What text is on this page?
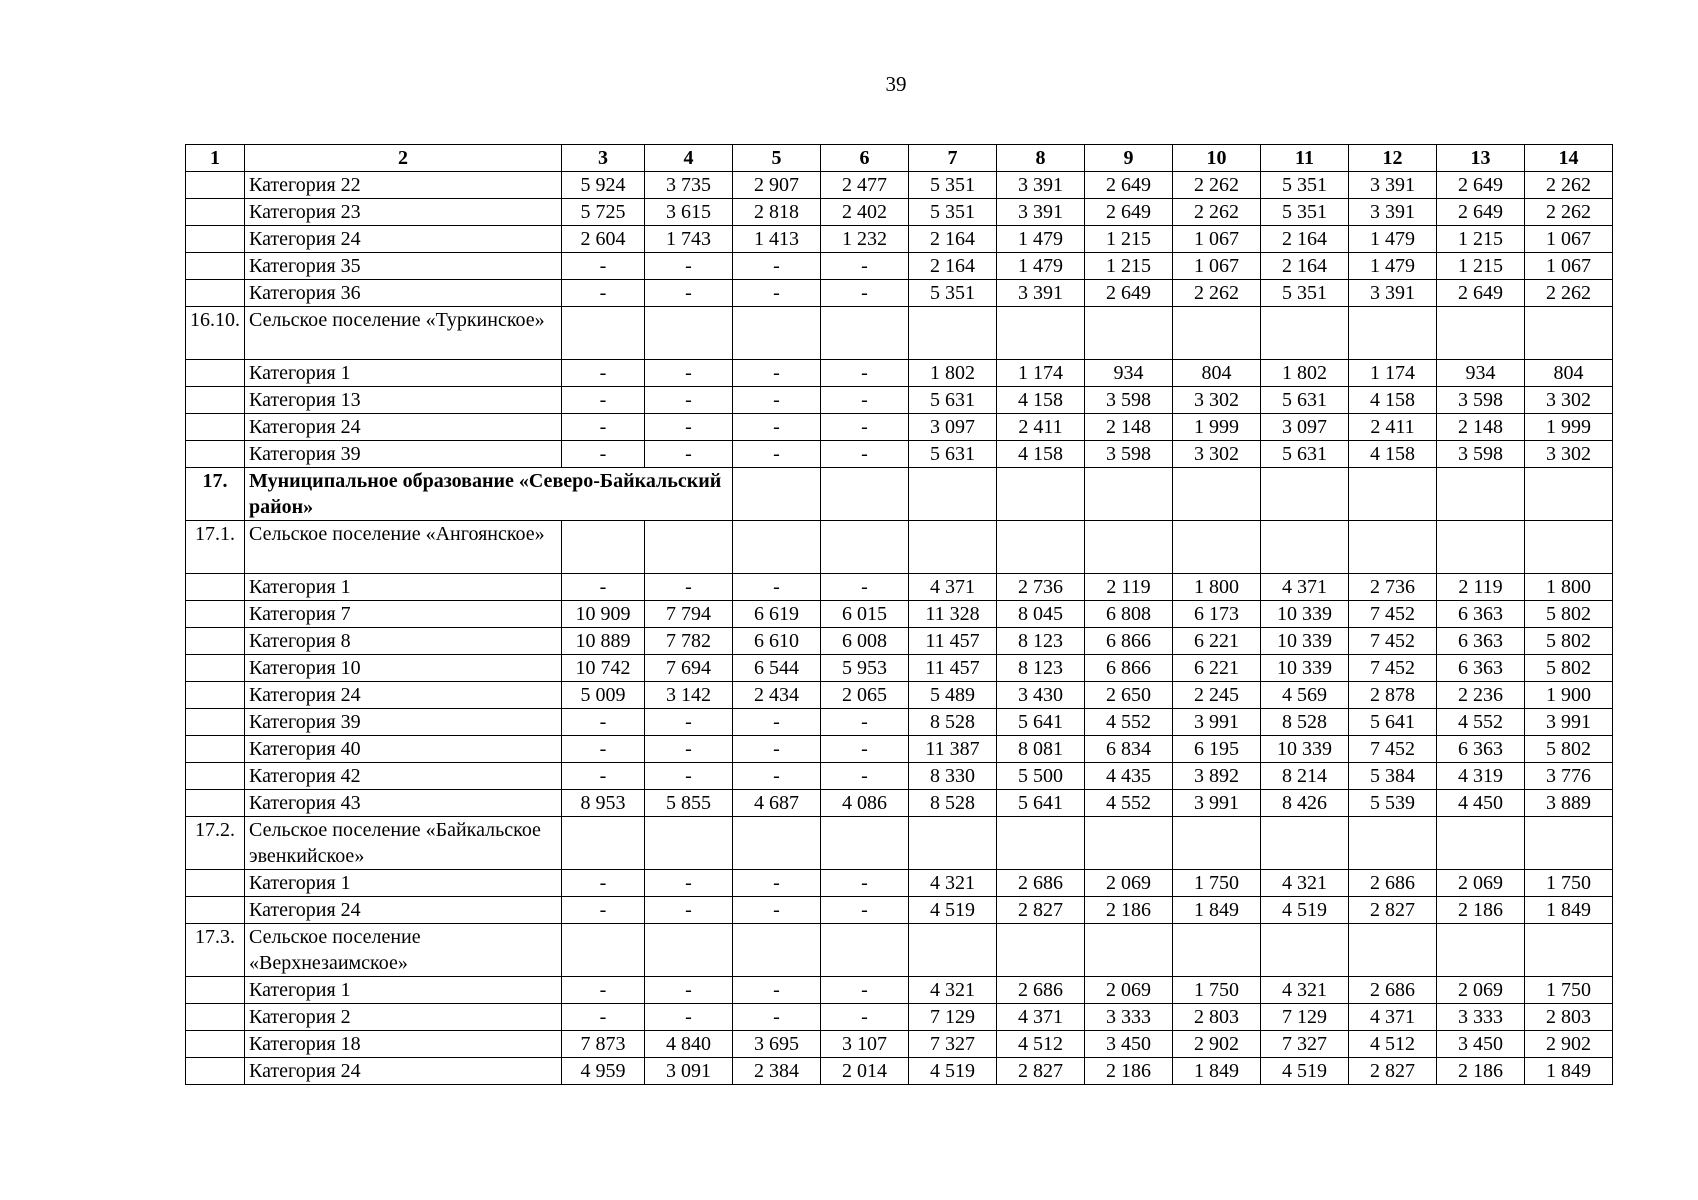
39
1	2	3	4	5	6	7	8	9	10	11	12	13	14
	Категория 22	5 924	3 735	2 907	2 477	5 351	3 391	2 649	2 262	5 351	3 391	2 649	2 262
	Категория 23	5 725	3 615	2 818	2 402	5 351	3 391	2 649	2 262	5 351	3 391	2 649	2 262
	Категория 24	2 604	1 743	1 413	1 232	2 164	1 479	1 215	1 067	2 164	1 479	1 215	1 067
	Категория 35	-	-	-	-	2 164	1 479	1 215	1 067	2 164	1 479	1 215	1 067
	Категория 36	-	-	-	-	5 351	3 391	2 649	2 262	5 351	3 391	2 649	2 262
16.10.	Сельское поселение «Туркинское»												
	Категория 1	-	-	-	-	1 802	1 174	934	804	1 802	1 174	934	804
	Категория 13	-	-	-	-	5 631	4 158	3 598	3 302	5 631	4 158	3 598	3 302
	Категория 24	-	-	-	-	3 097	2 411	2 148	1 999	3 097	2 411	2 148	1 999
	Категория 39	-	-	-	-	5 631	4 158	3 598	3 302	5 631	4 158	3 598	3 302
17.	Муниципальное образование «Северо-Байкальский район»												
17.1.	Сельское поселение «Ангоянское»												
	Категория 1	-	-	-	-	4 371	2 736	2 119	1 800	4 371	2 736	2 119	1 800
	Категория 7	10 909	7 794	6 619	6 015	11 328	8 045	6 808	6 173	10 339	7 452	6 363	5 802
	Категория 8	10 889	7 782	6 610	6 008	11 457	8 123	6 866	6 221	10 339	7 452	6 363	5 802
	Категория 10	10 742	7 694	6 544	5 953	11 457	8 123	6 866	6 221	10 339	7 452	6 363	5 802
	Категория 24	5 009	3 142	2 434	2 065	5 489	3 430	2 650	2 245	4 569	2 878	2 236	1 900
	Категория 39	-	-	-	-	8 528	5 641	4 552	3 991	8 528	5 641	4 552	3 991
	Категория 40	-	-	-	-	11 387	8 081	6 834	6 195	10 339	7 452	6 363	5 802
	Категория 42	-	-	-	-	8 330	5 500	4 435	3 892	8 214	5 384	4 319	3 776
	Категория 43	8 953	5 855	4 687	4 086	8 528	5 641	4 552	3 991	8 426	5 539	4 450	3 889
17.2.	Сельское поселение «Байкальское эвенкийское»												
	Категория 1	-	-	-	-	4 321	2 686	2 069	1 750	4 321	2 686	2 069	1 750
	Категория 24	-	-	-	-	4 519	2 827	2 186	1 849	4 519	2 827	2 186	1 849
17.3.	Сельское поселение «Верхнезаимское»												
	Категория 1	-	-	-	-	4 321	2 686	2 069	1 750	4 321	2 686	2 069	1 750
	Категория 2	-	-	-	-	7 129	4 371	3 333	2 803	7 129	4 371	3 333	2 803
	Категория 18	7 873	4 840	3 695	3 107	7 327	4 512	3 450	2 902	7 327	4 512	3 450	2 902
	Категория 24	4 959	3 091	2 384	2 014	4 519	2 827	2 186	1 849	4 519	2 827	2 186	1 849
